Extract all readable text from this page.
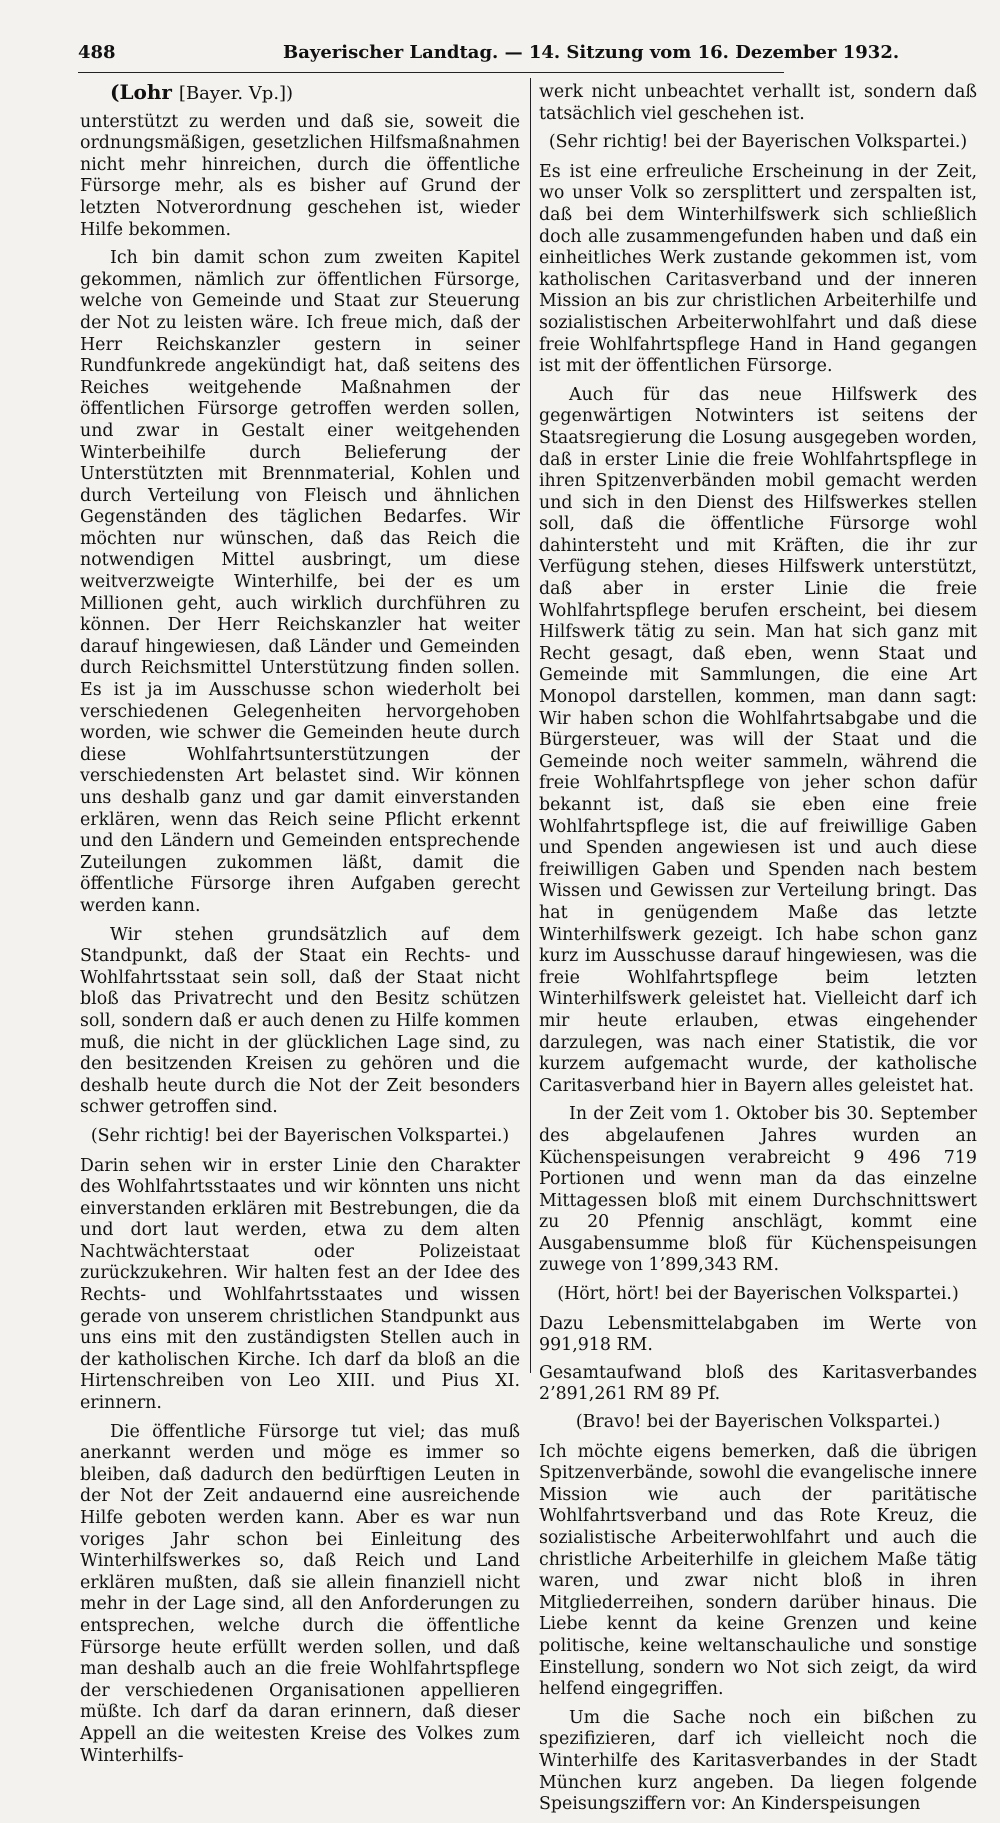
488	Bayerischer Landtag. — 14. Sitzung vom 16. Dezember 1932.

(Lohr [Bayer. Vp.])

unterstützt zu werden und daß sie, soweit die ordnungsmäßigen, gesetzlichen Hilfsmaßnahmen nicht mehr hinreichen, durch die öffentliche Fürsorge mehr, als es bisher auf Grund der letzten Notverordnung geschehen ist, wieder Hilfe bekommen.

Ich bin damit schon zum zweiten Kapitel gekommen, nämlich zur öffentlichen Fürsorge, welche von Gemeinde und Staat zur Steuerung der Not zu leisten wäre. Ich freue mich, daß der Herr Reichskanzler gestern in seiner Rundfunkrede angekündigt hat, daß seitens des Reiches weitgehende Maßnahmen der öffentlichen Fürsorge getroffen werden sollen, und zwar in Gestalt einer weitgehenden Winterbeihilfe durch Belieferung der Unterstützten mit Brennmaterial, Kohlen und durch Verteilung von Fleisch und ähnlichen Gegenständen des täglichen Bedarfes. Wir möchten nur wünschen, daß das Reich die notwendigen Mittel ausbringt, um diese weitverzweigte Winterhilfe, bei der es um Millionen geht, auch wirklich durchführen zu können. Der Herr Reichskanzler hat weiter darauf hingewiesen, daß Länder und Gemeinden durch Reichsmittel Unterstützung finden sollen. Es ist ja im Ausschusse schon wiederholt bei verschiedenen Gelegenheiten hervorgehoben worden, wie schwer die Gemeinden heute durch diese Wohlfahrtsunterstützungen der verschiedensten Art belastet sind. Wir können uns deshalb ganz und gar damit einverstanden erklären, wenn das Reich seine Pflicht erkennt und den Ländern und Gemeinden entsprechende Zuteilungen zukommen läßt, damit die öffentliche Fürsorge ihren Aufgaben gerecht werden kann.

Wir stehen grundsätzlich auf dem Standpunkt, daß der Staat ein Rechts- und Wohlfahrtsstaat sein soll, daß der Staat nicht bloß das Privatrecht und den Besitz schützen soll, sondern daß er auch denen zu Hilfe kommen muß, die nicht in der glücklichen Lage sind, zu den besitzenden Kreisen zu gehören und die deshalb heute durch die Not der Zeit besonders schwer getroffen sind.

(Sehr richtig! bei der Bayerischen Volkspartei.)

Darin sehen wir in erster Linie den Charakter des Wohlfahrtsstaates und wir könnten uns nicht einverstanden erklären mit Bestrebungen, die da und dort laut werden, etwa zu dem alten Nachtwächterstaat oder Polizeistaat zurückzukehren. Wir halten fest an der Idee des Rechts- und Wohlfahrtsstaates und wissen gerade von unserem christlichen Standpunkt aus uns eins mit den zuständigsten Stellen auch in der katholischen Kirche. Ich darf da bloß an die Hirtenschreiben von Leo XIII. und Pius XI. erinnern.

Die öffentliche Fürsorge tut viel; das muß anerkannt werden und möge es immer so bleiben, daß dadurch den bedürftigen Leuten in der Not der Zeit andauernd eine ausreichende Hilfe geboten werden kann. Aber es war nun voriges Jahr schon bei Einleitung des Winterhilfswerkes so, daß Reich und Land erklären mußten, daß sie allein finanziell nicht mehr in der Lage sind, all den Anforderungen zu entsprechen, welche durch die öffentliche Fürsorge heute erfüllt werden sollen, und daß man deshalb auch an die freie Wohlfahrtspflege der verschiedenen Organisationen appellieren müßte. Ich darf da daran erinnern, daß dieser Appell an die weitesten Kreise des Volkes zum Winterhilfs-

werk nicht unbeachtet verhallt ist, sondern daß tatsächlich viel geschehen ist.

(Sehr richtig! bei der Bayerischen Volkspartei.)

Es ist eine erfreuliche Erscheinung in der Zeit, wo unser Volk so zersplittert und zerspalten ist, daß bei dem Winterhilfswerk sich schließlich doch alle zusammengefunden haben und daß ein einheitliches Werk zustande gekommen ist, vom katholischen Caritasverband und der inneren Mission an bis zur christlichen Arbeiterhilfe und sozialistischen Arbeiterwohlfahrt und daß diese freie Wohlfahrtspflege Hand in Hand gegangen ist mit der öffentlichen Fürsorge.

Auch für das neue Hilfswerk des gegenwärtigen Notwinters ist seitens der Staatsregierung die Losung ausgegeben worden, daß in erster Linie die freie Wohlfahrtspflege in ihren Spitzenverbänden mobil gemacht werden und sich in den Dienst des Hilfswerkes stellen soll, daß die öffentliche Fürsorge wohl dahintersteht und mit Kräften, die ihr zur Verfügung stehen, dieses Hilfswerk unterstützt, daß aber in erster Linie die freie Wohlfahrtspflege berufen erscheint, bei diesem Hilfswerk tätig zu sein. Man hat sich ganz mit Recht gesagt, daß eben, wenn Staat und Gemeinde mit Sammlungen, die eine Art Monopol darstellen, kommen, man dann sagt: Wir haben schon die Wohlfahrtsabgabe und die Bürgersteuer, was will der Staat und die Gemeinde noch weiter sammeln, während die freie Wohlfahrtspflege von jeher schon dafür bekannt ist, daß sie eben eine freie Wohlfahrtspflege ist, die auf freiwillige Gaben und Spenden angewiesen ist und auch diese freiwilligen Gaben und Spenden nach bestem Wissen und Gewissen zur Verteilung bringt. Das hat in genügendem Maße das letzte Winterhilfswerk gezeigt. Ich habe schon ganz kurz im Ausschusse darauf hingewiesen, was die freie Wohlfahrtspflege beim letzten Winterhilfswerk geleistet hat. Vielleicht darf ich mir heute erlauben, etwas eingehender darzulegen, was nach einer Statistik, die vor kurzem aufgemacht wurde, der katholische Caritasverband hier in Bayern alles geleistet hat.

In der Zeit vom 1. Oktober bis 30. September des abgelaufenen Jahres wurden an Küchenspeisungen verabreicht 9 496 719 Portionen und wenn man da das einzelne Mittagessen bloß mit einem Durchschnittswert zu 20 Pfennig anschlägt, kommt eine Ausgabensumme bloß für Küchenspeisungen zuwege von 1’899,343 RM.

(Hört, hört! bei der Bayerischen Volkspartei.)

Dazu Lebensmittelabgaben im Werte von 991,918 RM.

Gesamtaufwand bloß des Karitasverbandes 2’891,261 RM 89 Pf.

(Bravo! bei der Bayerischen Volkspartei.)

Ich möchte eigens bemerken, daß die übrigen Spitzenverbände, sowohl die evangelische innere Mission wie auch der paritätische Wohlfahrtsverband und das Rote Kreuz, die sozialistische Arbeiterwohlfahrt und auch die christliche Arbeiterhilfe in gleichem Maße tätig waren, und zwar nicht bloß in ihren Mitgliederreihen, sondern darüber hinaus. Die Liebe kennt da keine Grenzen und keine politische, keine weltanschauliche und sonstige Einstellung, sondern wo Not sich zeigt, da wird helfend eingegriffen.

Um die Sache noch ein bißchen zu spezifizieren, darf ich vielleicht noch die Winterhilfe des Karitasverbandes in der Stadt München kurz angeben. Da liegen folgende Speisungsziffern vor: An Kinderspeisungen
